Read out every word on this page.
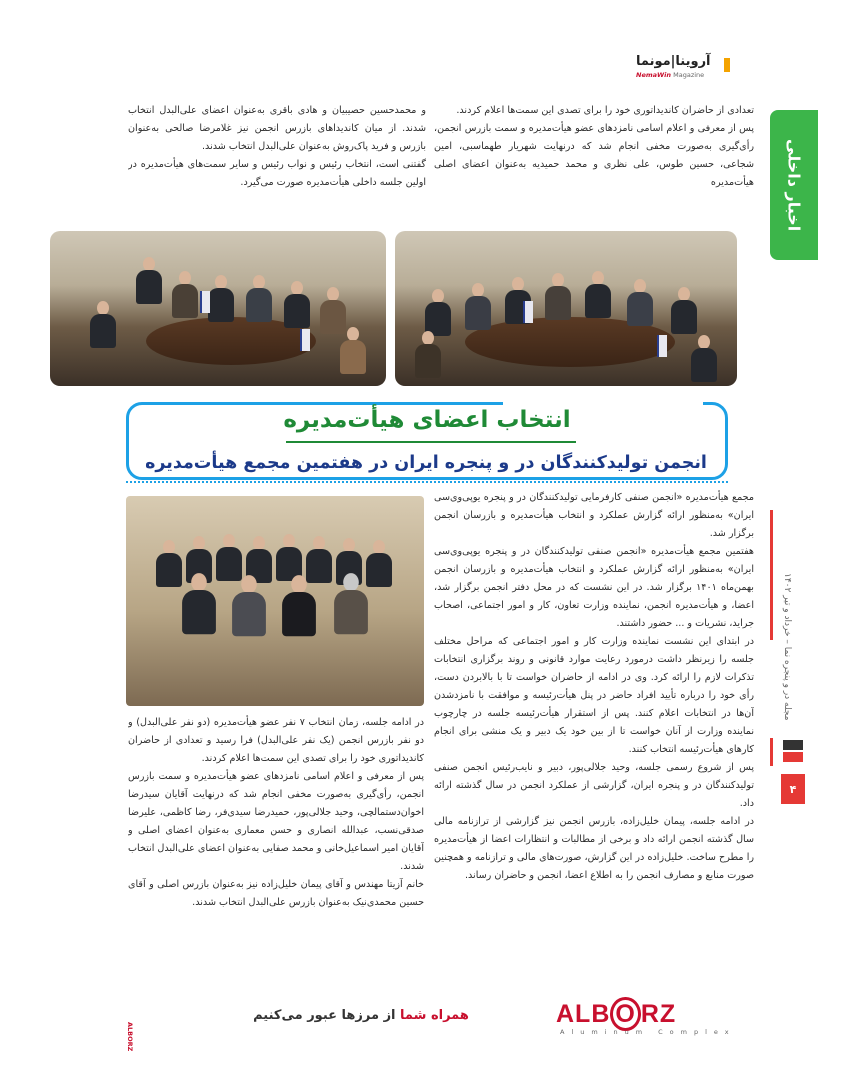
آروینا|مونما
NemaWin Magazine
اخبار داخلی

تعدادی از حاضران کاندیداتوری خود را برای تصدی این سمت‌ها اعلام کردند.

پس از معرفی و اعلام اسامی نامزدهای عضو هیأت‌مدیره و سمت بازرس انجمن، رأی‌گیری به‌صورت مخفی انجام شد که درنهایت شهریار طهماسبی، امین شجاعی، حسین طوس، علی نظری و محمد حمیدیه به‌عنوان اعضای اصلی هیأت‌مدیره

و محمدحسین حصیبیان و هادی باقری به‌عنوان اعضای علی‌البدل انتخاب شدند. از میان کاندیداهای بازرس انجمن نیز غلامرضا صالحی به‌عنوان بازرس و فرید پاک‌روش به‌عنوان علی‌البدل انتخاب شدند.

گفتنی است، انتخاب رئیس و نواب رئیس و سایر سمت‌های هیأت‌مدیره در اولین جلسه داخلی هیأت‌مدیره صورت می‌گیرد.

انتخاب اعضای هیأت‌مدیره
انجمن تولیدکنندگان در و پنجره ایران در هفتمین مجمع هیأت‌مدیره

مجمع هیأت‌مدیره «انجمن صنفی کارفرمایی تولیدکنندگان در و پنجره یوپی‌وی‌سی ایران» به‌منظور ارائه گزارش عملکرد و انتخاب هیأت‌مدیره و بازرسان انجمن برگزار شد.

هفتمین مجمع هیأت‌مدیره «انجمن صنفی تولیدکنندگان در و پنجره یوپی‌وی‌سی ایران» به‌منظور ارائه گزارش عملکرد و انتخاب هیأت‌مدیره و بازرسان انجمن بهمن‌ماه ۱۴۰۱ برگزار شد. در این نشست که در محل دفتر انجمن برگزار شد، اعضا، و هیأت‌مدیره انجمن، نماینده وزارت تعاون، کار و امور اجتماعی، اصحاب جراید، نشریات و ... حضور داشتند.

در ابتدای این نشست نماینده وزارت کار و امور اجتماعی که مراحل مختلف جلسه را زیرنظر داشت درمورد رعایت موارد قانونی و روند برگزاری انتخابات تذکرات لازم را ارائه کرد. وی در ادامه از حاضران خواست تا با بالابردن دست، رأی خود را درباره تأیید افراد حاضر در پنل هیأت‌رئیسه و موافقت با نامزدشدن آن‌ها در انتخابات اعلام کنند. پس از استقرار هیأت‌رئیسه جلسه در چارچوب نماینده وزارت از آنان خواست تا از بین خود یک دبیر و یک منشی برای انجام کارهای هیأت‌رئیسه انتخاب کنند.

پس از شروع رسمی جلسه، وحید جلالی‌پور، دبیر و نایب‌رئیس انجمن صنفی تولیدکنندگان در و پنجره ایران، گزارشی از عملکرد انجمن در سال گذشته ارائه داد.

در ادامه جلسه، پیمان خلیل‌زاده، بازرس انجمن نیز گزارشی از ترازنامه مالی سال گذشته انجمن ارائه داد و برخی از مطالبات و انتظارات اعضا از هیأت‌مدیره را مطرح ساخت. خلیل‌زاده در این گزارش، صورت‌های مالی و ترازنامه و همچنین صورت منابع و مصارف انجمن را به اطلاع اعضا، انجمن و حاضران رساند.

در ادامه جلسه، زمان انتخاب ۷ نفر عضو هیأت‌مدیره (دو نفر علی‌البدل) و دو نفر بازرس انجمن (یک نفر علی‌البدل) فرا رسید و تعدادی از حاضران کاندیداتوری خود را برای تصدی این سمت‌ها اعلام کردند.

پس از معرفی و اعلام اسامی نامزدهای عضو هیأت‌مدیره و سمت بازرس انجمن، رأی‌گیری به‌صورت مخفی انجام شد که درنهایت آقایان سیدرضا اخوان‌دستمالچی، وحید جلالی‌پور، حمیدرضا سیدی‌فر، رضا کاظمی، علیرضا صدقی‌نسب، عبدالله انصاری و حسن معماری به‌عنوان اعضای اصلی و آقایان امیر اسماعیل‌خانی و محمد صفایی به‌عنوان اعضای علی‌البدل انتخاب شدند.

خانم آزیتا مهندس و آقای پیمان خلیل‌زاده نیز به‌عنوان بازرس اصلی و آقای حسین محمدی‌نیک به‌عنوان بازرس علی‌البدل انتخاب شدند.

مجله در و پنجره نما – خرداد و تیر ۱۴۰۲
۴
ALBORZ
همراه شما از مرزها عبور می‌کنیم	ALB O RZ
Aluminum Complex
